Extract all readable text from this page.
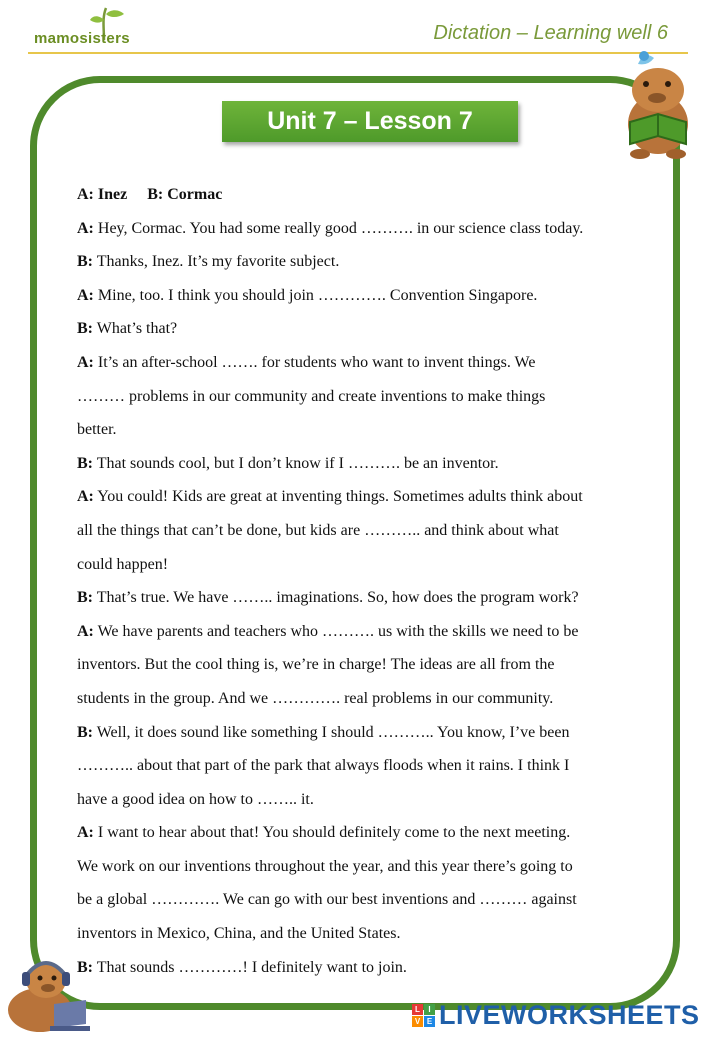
mamosisters	Dictation – Learning well 6
Unit 7 – Lesson 7
A: Inez B: Cormac
A: Hey, Cormac. You had some really good ………. in our science class today.
B: Thanks, Inez. It’s my favorite subject.
A: Mine, too. I think you should join …………. Convention Singapore.
B: What’s that?
A: It’s an after-school ……. for students who want to invent things. We
……… problems in our community and create inventions to make things
better.
B: That sounds cool, but I don’t know if I ………. be an inventor.
A: You could! Kids are great at inventing things. Sometimes adults think about
all the things that can’t be done, but kids are ……….. and think about what
could happen!
B: That’s true. We have …….. imaginations. So, how does the program work?
A: We have parents and teachers who ………. us with the skills we need to be
inventors. But the cool thing is, we’re in charge! The ideas are all from the
students in the group. And we …………. real problems in our community.
B: Well, it does sound like something I should ……….. You know, I’ve been
……….. about that part of the park that always floods when it rains. I think I
have a good idea on how to …….. it.
A: I want to hear about that! You should definitely come to the next meeting.
We work on our inventions throughout the year, and this year there’s going to
be a global …………. We can go with our best inventions and ……… against
inventors in Mexico, China, and the United States.
B: That sounds …………! I definitely want to join.
L	I
V E LIVEWORKSHEETS
